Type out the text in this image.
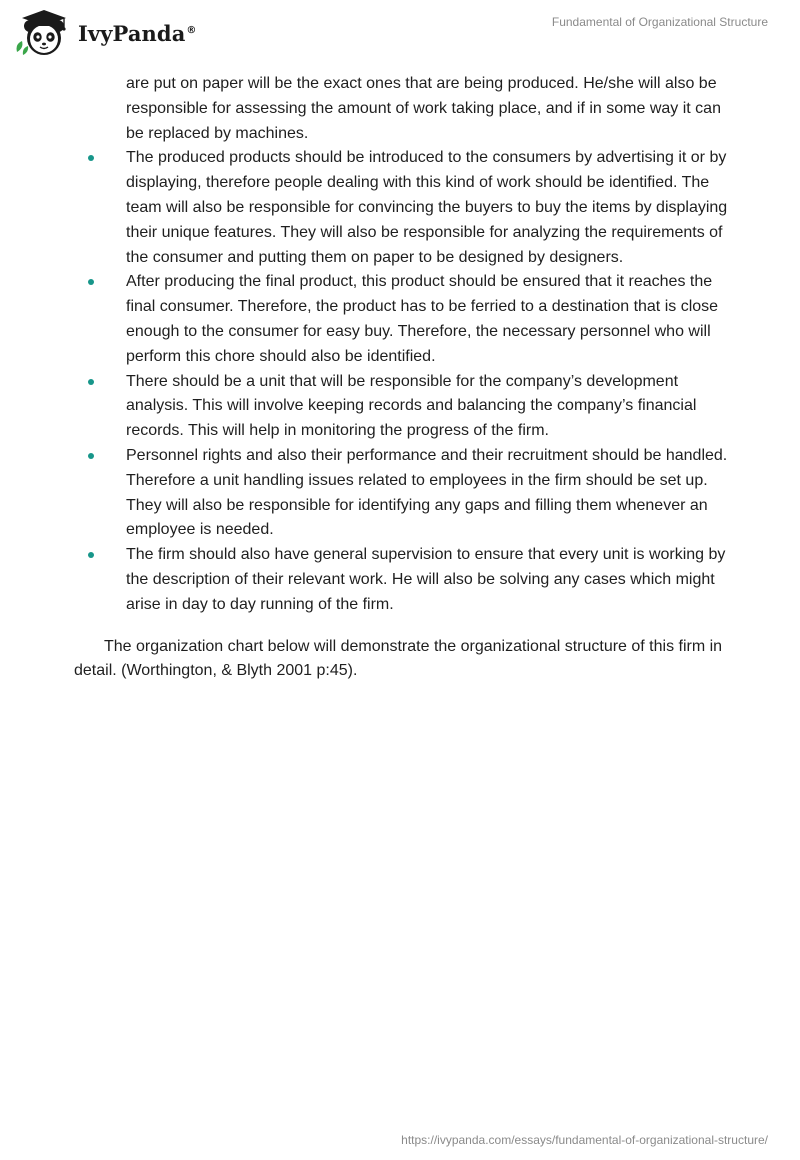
IvyPanda®
Fundamental of Organizational Structure

are put on paper will be the exact ones that are being produced. He/she will also be responsible for assessing the amount of work taking place, and if in some way it can be replaced by machines.

The produced products should be introduced to the consumers by advertising it or by displaying, therefore people dealing with this kind of work should be identified. The team will also be responsible for convincing the buyers to buy the items by displaying their unique features. They will also be responsible for analyzing the requirements of the consumer and putting them on paper to be designed by designers.
After producing the final product, this product should be ensured that it reaches the final consumer. Therefore, the product has to be ferried to a destination that is close enough to the consumer for easy buy. Therefore, the necessary personnel who will perform this chore should also be identified.
There should be a unit that will be responsible for the company’s development analysis. This will involve keeping records and balancing the company’s financial records. This will help in monitoring the progress of the firm.
Personnel rights and also their performance and their recruitment should be handled. Therefore a unit handling issues related to employees in the firm should be set up. They will also be responsible for identifying any gaps and filling them whenever an employee is needed.
The firm should also have general supervision to ensure that every unit is working by the description of their relevant work. He will also be solving any cases which might arise in day to day running of the firm.

The organization chart below will demonstrate the organizational structure of this firm in detail. (Worthington, & Blyth 2001 p:45).

https://ivypanda.com/essays/fundamental-of-organizational-structure/
